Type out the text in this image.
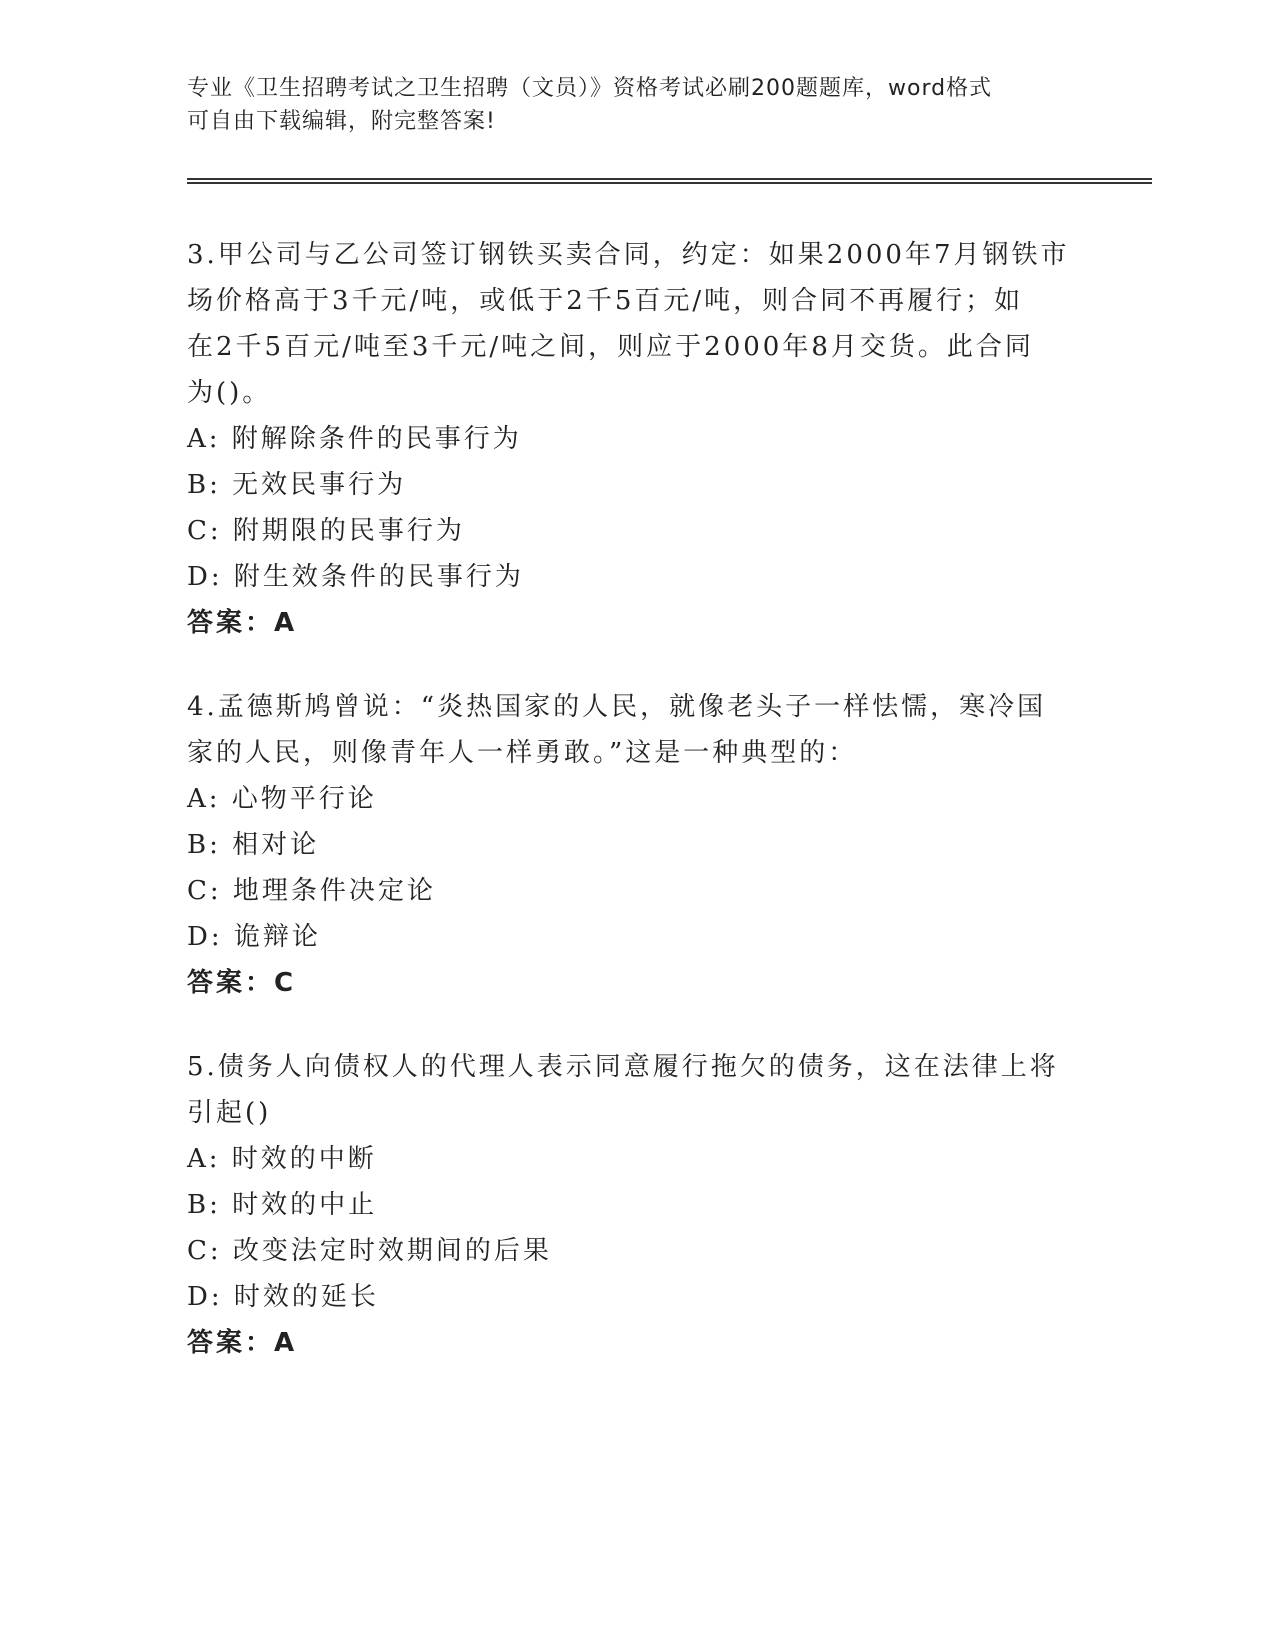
专业《卫生招聘考试之卫生招聘（文员）》资格考试必刷200题题库，word格式
可自由下载编辑，附完整答案!
3.甲公司与乙公司签订钢铁买卖合同，约定：如果2000年7月钢铁市
场价格高于3千元/吨，或低于2千5百元/吨，则合同不再履行；如
在2千5百元/吨至3千元/吨之间，则应于2000年8月交货。此合同
为()。
A: 附解除条件的民事行为
B: 无效民事行为
C: 附期限的民事行为
D: 附生效条件的民事行为
答案：A
4.孟德斯鸠曾说：“炎热国家的人民，就像老头子一样怯懦，寒冷国
家的人民，则像青年人一样勇敢。”这是一种典型的：
A: 心物平行论
B: 相对论
C: 地理条件决定论
D: 诡辩论
答案：C
5.债务人向债权人的代理人表示同意履行拖欠的债务，这在法律上将
引起()
A: 时效的中断
B: 时效的中止
C: 改变法定时效期间的后果
D: 时效的延长
答案：A
